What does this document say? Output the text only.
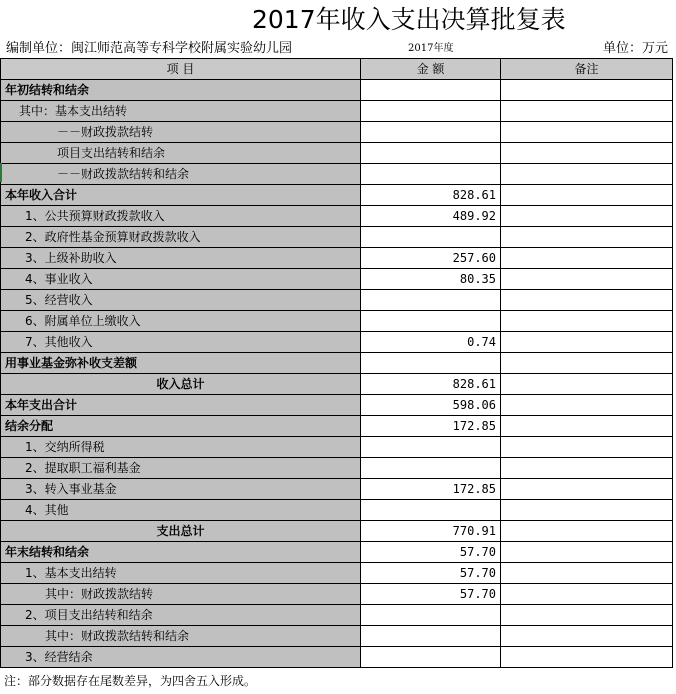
2017年收入支出决算批复表
编制单位：闽江师范高等专科学校附属实验幼儿园	2017年度	单位：万元
项 目	金 额	备注
年初结转和结余		
其中：基本支出结转		
－－财政拨款结转		
项目支出结转和结余		
－－财政拨款结转和结余		
本年收入合计	828.61	
1、公共预算财政拨款收入	489.92	
2、政府性基金预算财政拨款收入		
3、上级补助收入	257.60	
4、事业收入	80.35	
5、经营收入		
6、附属单位上缴收入		
7、其他收入	0.74	
用事业基金弥补收支差额		
收入总计	828.61	
本年支出合计	598.06	
结余分配	172.85	
1、交纳所得税		
2、提取职工福利基金		
3、转入事业基金	172.85	
4、其他		
支出总计	770.91	
年末结转和结余	57.70	
1、基本支出结转	57.70	
其中：财政拨款结转	57.70	
2、项目支出结转和结余		
其中：财政拨款结转和结余		
3、经营结余		
注：部分数据存在尾数差异，为四舍五入形成。
